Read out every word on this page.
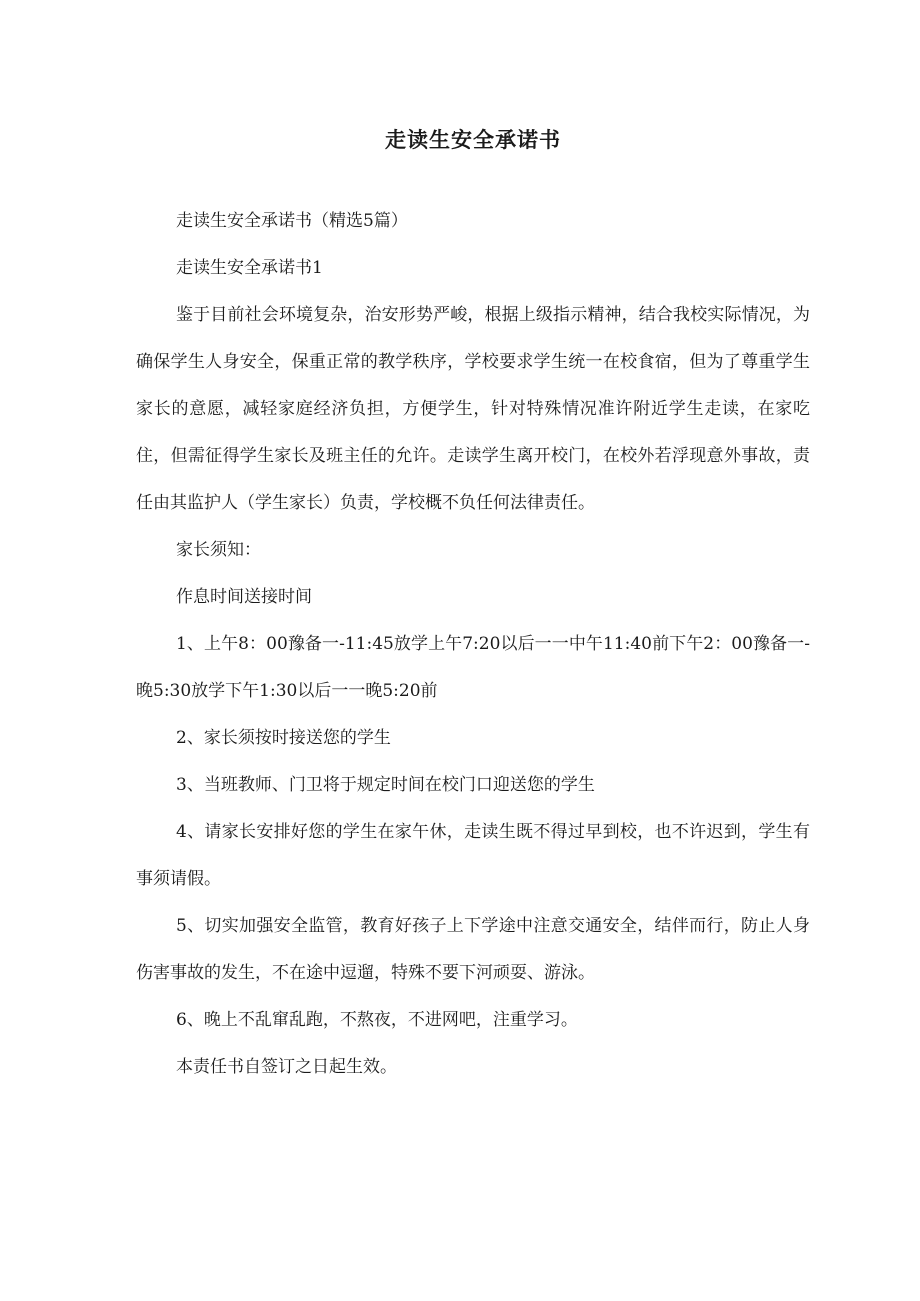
走读生安全承诺书

走读生安全承诺书（精选5篇）

走读生安全承诺书1

鉴于目前社会环境复杂，治安形势严峻，根据上级指示精神，结合我校实际情况，为确保学生人身安全，保重正常的教学秩序，学校要求学生统一在校食宿，但为了尊重学生家长的意愿，减轻家庭经济负担，方便学生，针对特殊情况准许附近学生走读，在家吃住，但需征得学生家长及班主任的允许。走读学生离开校门，在校外若浮现意外事故，责任由其监护人（学生家长）负责，学校概不负任何法律责任。

家长须知：

作息时间送接时间

1、上午8：00豫备一-11:45放学上午7:20以后一一中午11:40前下午2：00豫备一-晚5:30放学下午1:30以后一一晚5:20前

2、家长须按时接送您的学生

3、当班教师、门卫将于规定时间在校门口迎送您的学生

4、请家长安排好您的学生在家午休，走读生既不得过早到校，也不许迟到，学生有事须请假。

5、切实加强安全监管，教育好孩子上下学途中注意交通安全，结伴而行，防止人身伤害事故的发生，不在途中逗遛，特殊不要下河顽耍、游泳。

6、晚上不乱窜乱跑，不熬夜，不进网吧，注重学习。

本责任书自签订之日起生效。
